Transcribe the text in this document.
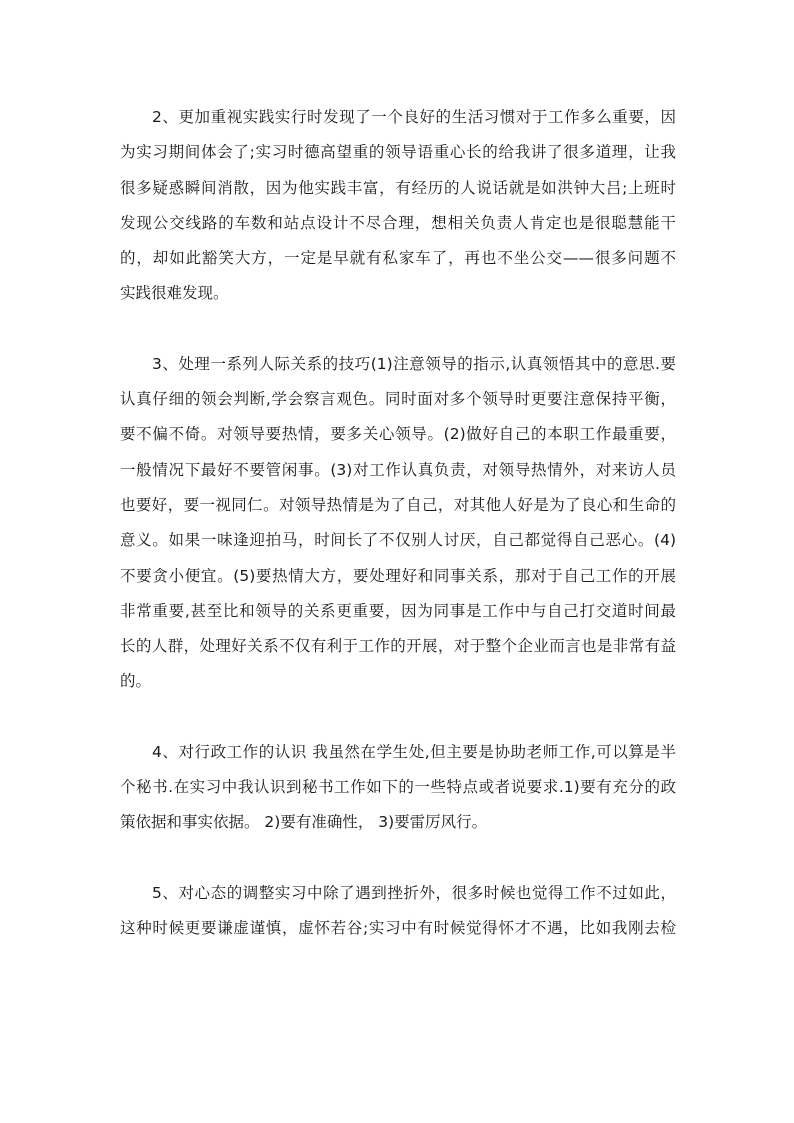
2、更加重视实践实行时发现了一个良好的生活习惯对于工作多么重要，因
为实习期间体会了;实习时德高望重的领导语重心长的给我讲了很多道理，让我
很多疑惑瞬间消散，因为他实践丰富，有经历的人说话就是如洪钟大吕;上班时
发现公交线路的车数和站点设计不尽合理，想相关负责人肯定也是很聪慧能干
的，却如此豁笑大方，一定是早就有私家车了，再也不坐公交——很多问题不
实践很难发现。
3、处理一系列人际关系的技巧(1)注意领导的指示,认真领悟其中的意思.要
认真仔细的领会判断,学会察言观色。同时面对多个领导时更要注意保持平衡，
要不偏不倚。对领导要热情，要多关心领导。(2)做好自己的本职工作最重要，
一般情况下最好不要管闲事。(3)对工作认真负责，对领导热情外，对来访人员
也要好，要一视同仁。对领导热情是为了自己，对其他人好是为了良心和生命的
意义。如果一味逢迎拍马，时间长了不仅别人讨厌，自己都觉得自己恶心。(4)
不要贪小便宜。(5)要热情大方，要处理好和同事关系，那对于自己工作的开展
非常重要,甚至比和领导的关系更重要，因为同事是工作中与自己打交道时间最
长的人群，处理好关系不仅有利于工作的开展，对于整个企业而言也是非常有益
的。
4、对行政工作的认识 我虽然在学生处,但主要是协助老师工作,可以算是半
个秘书.在实习中我认识到秘书工作如下的一些特点或者说要求.1)要有充分的政
策依据和事实依据。 2)要有准确性， 3)要雷厉风行。
5、对心态的调整实习中除了遇到挫折外，很多时候也觉得工作不过如此，
这种时候更要谦虚谨慎，虚怀若谷;实习中有时候觉得怀才不遇，比如我刚去检
